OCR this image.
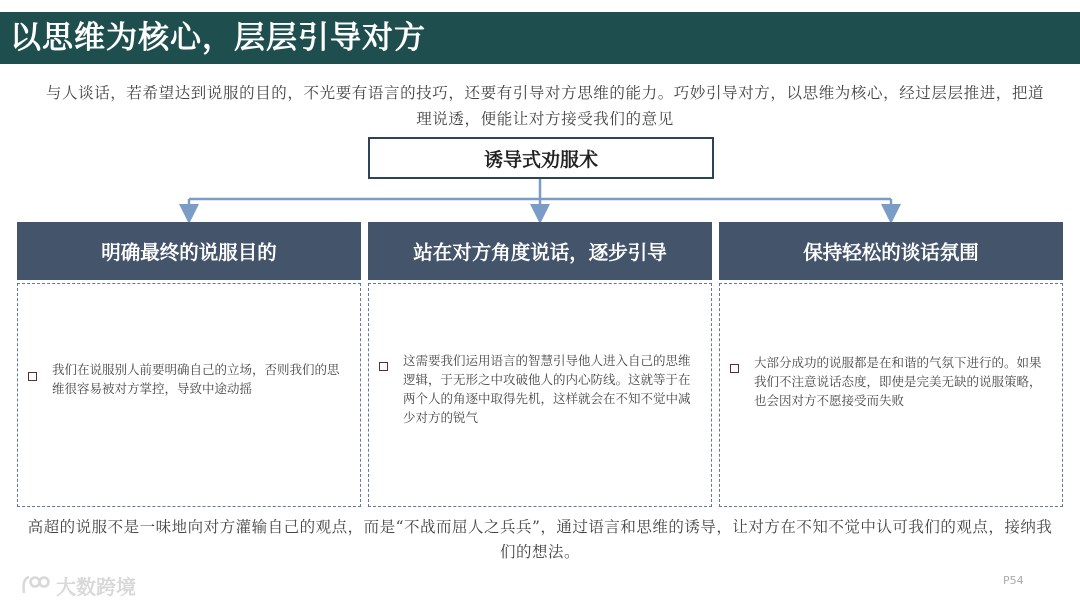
以思维为核心，层层引导对方
与人谈话，若希望达到说服的目的，不光要有语言的技巧，还要有引导对方思维的能力。巧妙引导对方，以思维为核心，经过层层推进，把道理说透，便能让对方接受我们的意见
诱导式劝服术
明确最终的说服目的
我们在说服别人前要明确自己的立场，否则我们的思维很容易被对方掌控，导致中途动摇
站在对方角度说话，逐步引导
这需要我们运用语言的智慧引导他人进入自己的思维逻辑，于无形之中攻破他人的内心防线。这就等于在两个人的角逐中取得先机，这样就会在不知不觉中减少对方的锐气
保持轻松的谈话氛围
大部分成功的说服都是在和谐的气氛下进行的。如果我们不注意说话态度，即使是完美无缺的说服策略，也会因对方不愿接受而失败
高超的说服不是一味地向对方灌输自己的观点，而是“不战而屈人之兵兵”，通过语言和思维的诱导，让对方在不知不觉中认可我们的观点，接纳我们的想法。
大数跨境	P54
